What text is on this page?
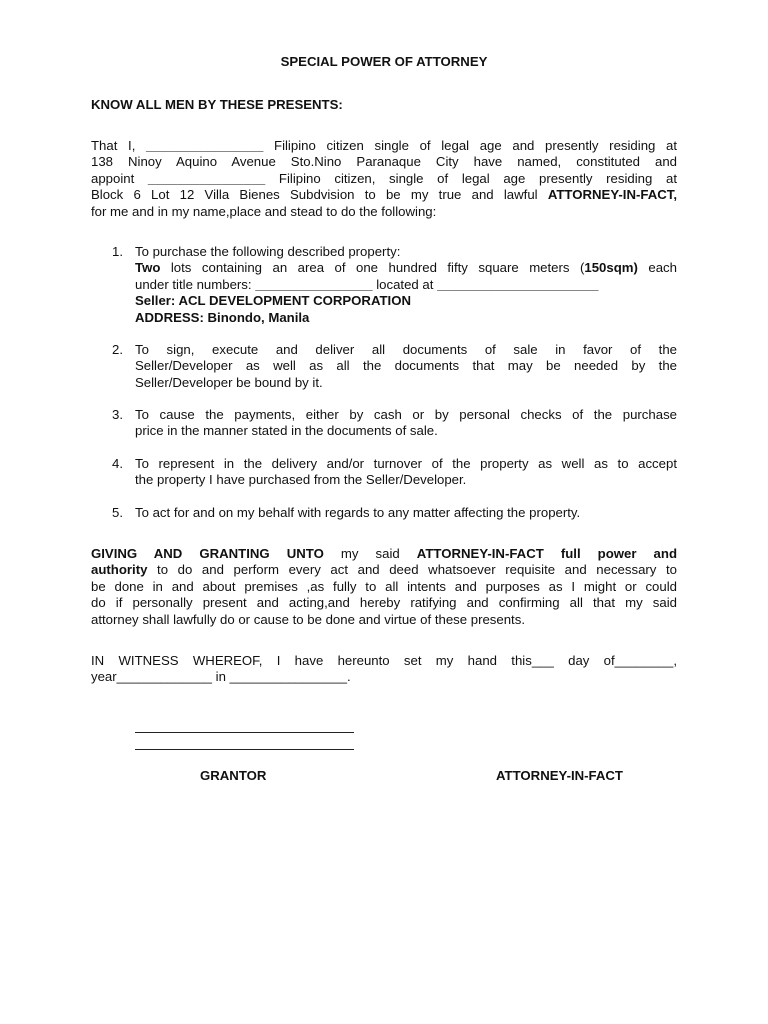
SPECIAL POWER OF ATTORNEY
KNOW ALL MEN BY THESE PRESENTS:
That I, ________________ Filipino citizen single of legal age and presently residing at
138 Ninoy Aquino Avenue Sto.Nino Paranaque City have named, constituted and
appoint ________________ Filipino citizen, single of legal age presently residing at
Block 6 Lot 12 Villa Bienes Subdvision to be my true and lawful ATTORNEY-IN-FACT,
for me and in my name,place and stead to do the following:
1. To purchase the following described property:
Two lots containing an area of one hundred fifty square meters (150sqm) each
under title numbers: ________________ located at ______________________
Seller: ACL DEVELOPMENT CORPORATION
ADDRESS: Binondo, Manila
2. To sign, execute and deliver all documents of sale in favor of the
Seller/Developer as well as all the documents that may be needed by the
Seller/Developer be bound by it.
3. To cause the payments, either by cash or by personal checks of the purchase
price in the manner stated in the documents of sale.
4. To represent in the delivery and/or turnover of the property as well as to accept
the property I have purchased from the Seller/Developer.
5. To act for and on my behalf with regards to any matter affecting the property.
GIVING AND GRANTING UNTO my said ATTORNEY-IN-FACT full power and
authority to do and perform every act and deed whatsoever requisite and necessary to
be done in and about premises ,as fully to all intents and purposes as I might or could
do if personally present and acting,and hereby ratifying and confirming all that my said
attorney shall lawfully do or cause to be done and virtue of these presents.
IN WITNESS WHEREOF, I have hereunto set my hand this___ day of________,
year_____________ in ________________.
GRANTOR	ATTORNEY-IN-FACT
